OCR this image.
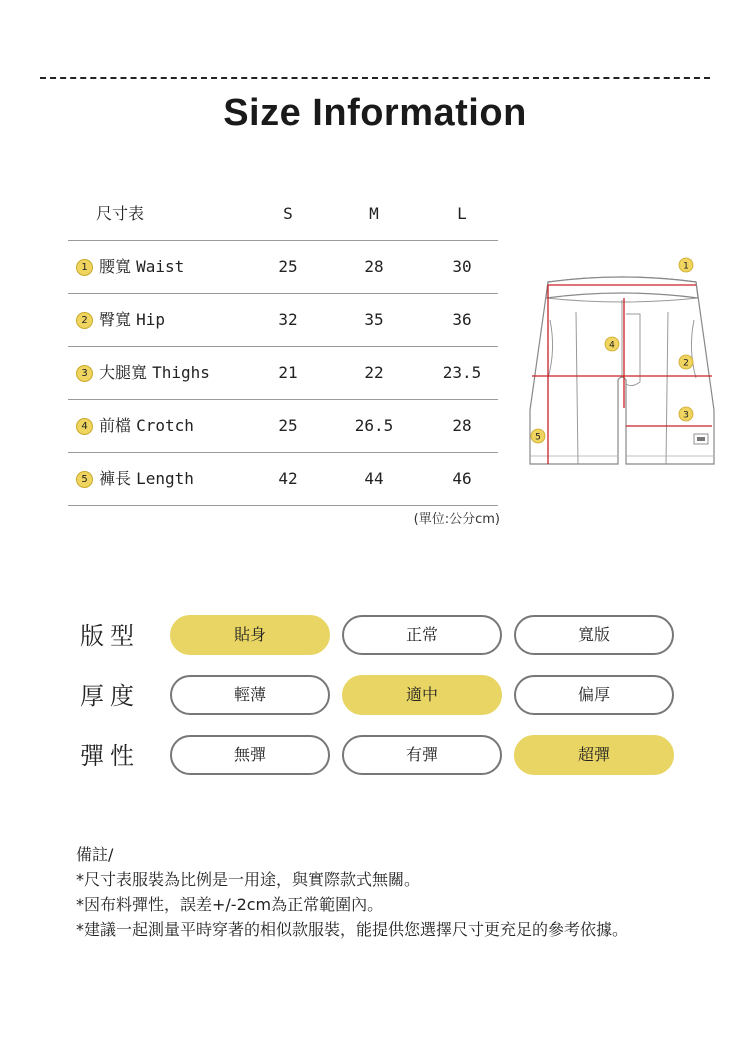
Size Information
尺寸表	S	M	L
1 腰寬 Waist	25	28	30
2 臀寬 Hip	32	35	36
3 大腿寬 Thighs	21	22	23.5
4 前檔 Crotch	25	26.5	28
5 褲長 Length	42	44	46
(單位:公分cm)
1
2
3
4
5
版型	貼身	正常	寬版
厚度	輕薄	適中	偏厚
彈性	無彈	有彈	超彈
備註/
*尺寸表服裝為比例是一用途，與實際款式無關。
*因布料彈性，誤差+/-2cm為正常範圍內。
*建議一起測量平時穿著的相似款服裝，能提供您選擇尺寸更充足的參考依據。
